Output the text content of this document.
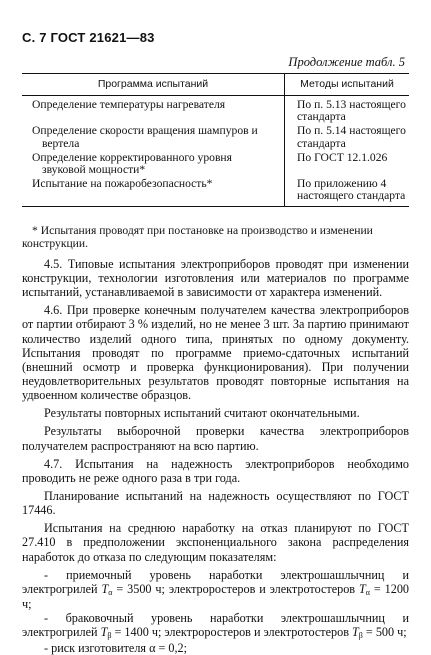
С. 7 ГОСТ 21621—83
Продолжение табл. 5
Программа испытаний	Методы испытаний
Определение температуры нагревателя	По п. 5.13 настоящего стандарта
Определение скорости вращения шампуров и вертела	По п. 5.14 настоящего стандарта
Определение корректированного уровня звуковой мощности*	По ГОСТ 12.1.026
Испытание на пожаробезопасность*	По приложению 4 настоящего стандарта
* Испытания проводят при постановке на производство и изменении конструкции.

4.5. Типовые испытания электроприборов проводят при изменении конструкции, технологии изготовления или материалов по программе испытаний, устанавливаемой в зависимости от характера изменений.

4.6. При проверке конечным получателем качества электроприборов от партии отбирают 3 % изделий, но не менее 3 шт. За партию принимают количество изделий одного типа, принятых по одному документу. Испытания проводят по программе приемо-сдаточных испытаний (внешний осмотр и проверка функционирования). При получении неудовлетворительных результатов проводят повторные испытания на удвоенном количестве образцов.

Результаты повторных испытаний считают окончательными.

Результаты выборочной проверки качества электроприборов получателем распространяют на всю партию.

4.7. Испытания на надежность электроприборов необходимо проводить не реже одного раза в три года.

Планирование испытаний на надежность осуществляют по ГОСТ 17446.

Испытания на среднюю наработку на отказ планируют по ГОСТ 27.410 в предположении экспоненциального закона распределения наработок до отказа по следующим показателям:

- приемочный уровень наработки электрошашлычниц и электрогрилей $T_\alpha = 3500$ ч; электроростеров и электротостеров $T_\alpha = 1200$ ч;

- браковочный уровень наработки электрошашлычниц и электрогрилей $T_\beta = 1400$ ч; электроростеров и электротостеров $T_\beta = 500$ ч;

- риск изготовителя α = 0,2;
